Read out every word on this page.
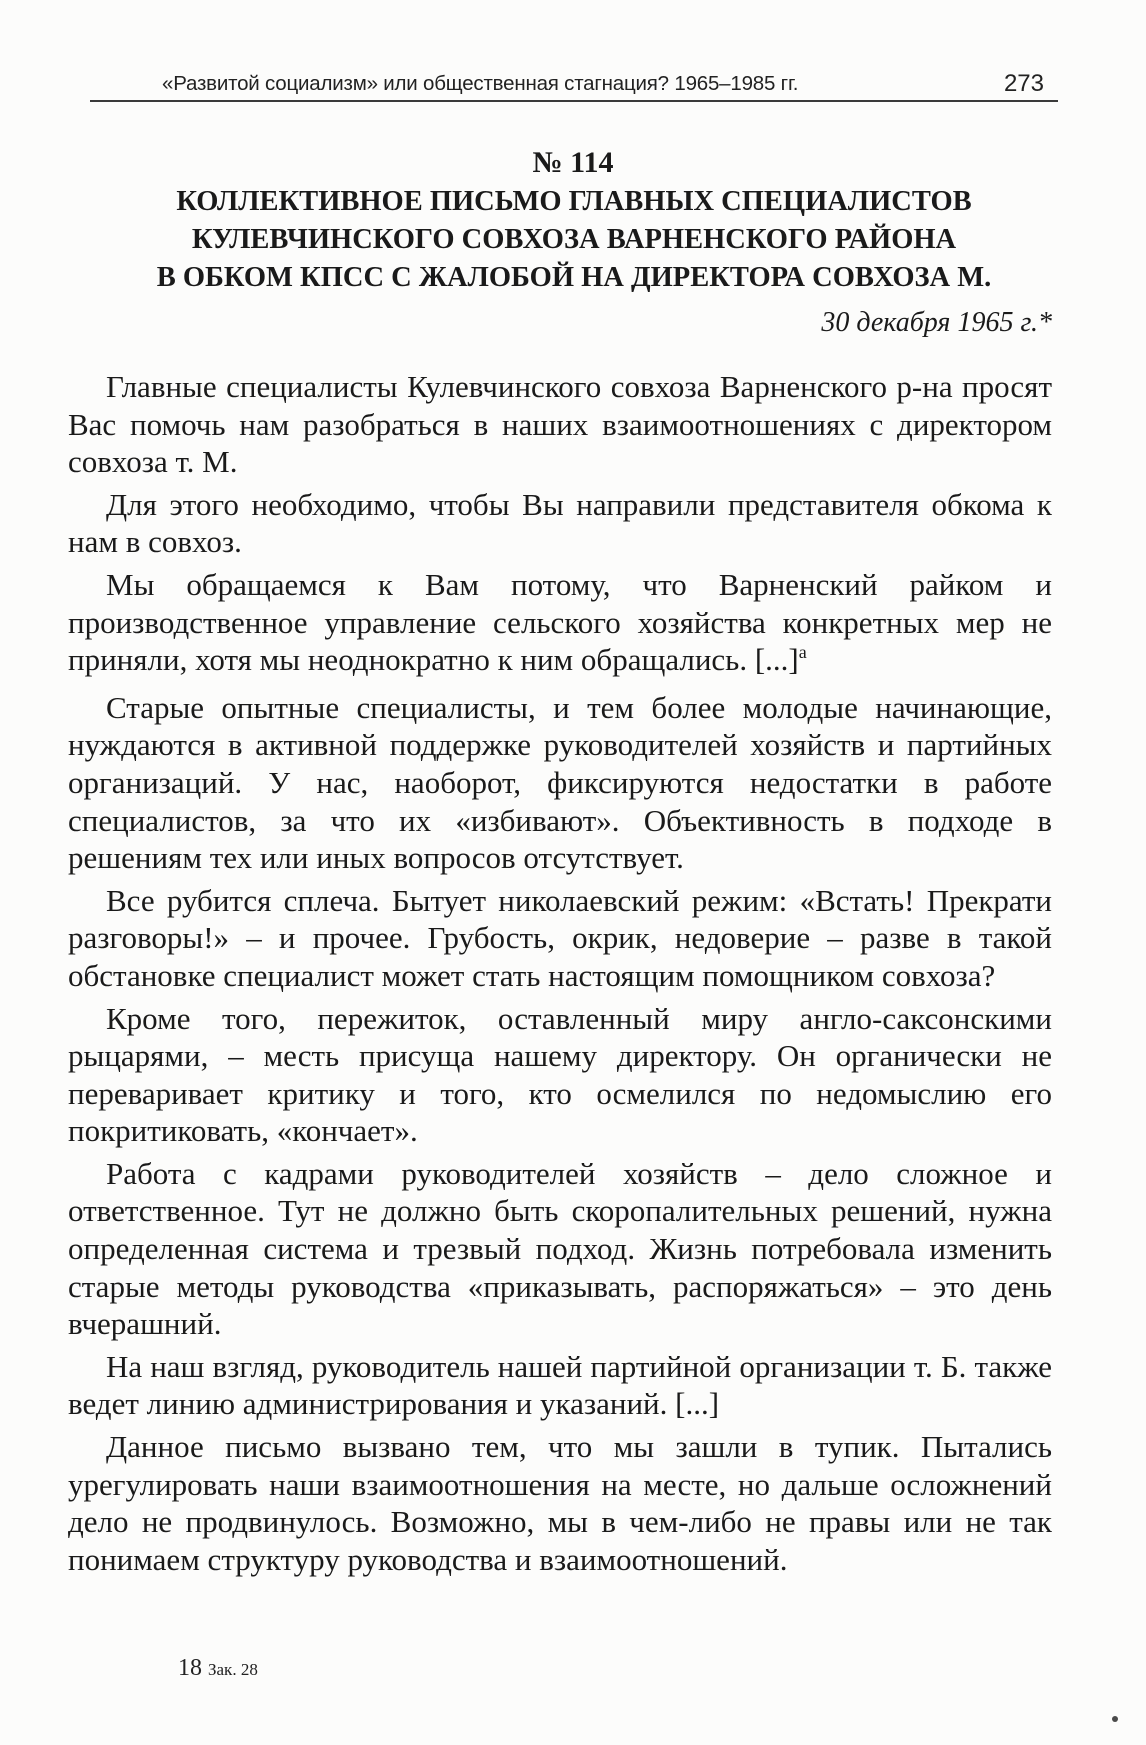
«Развитой социализм» или общественная стагнация? 1965–1985 гг.	273
№ 114
КОЛЛЕКТИВНОЕ ПИСЬМО ГЛАВНЫХ СПЕЦИАЛИСТОВ
КУЛЕВЧИНСКОГО СОВХОЗА ВАРНЕНСКОГО РАЙОНА
В ОБКОМ КПСС С ЖАЛОБОЙ НА ДИРЕКТОРА СОВХОЗА М.
30 декабря 1965 г.*

Главные специалисты Кулевчинского совхоза Варненского р-на просят Вас помочь нам разобраться в наших взаимоотношениях с директором совхоза т. М.

Для этого необходимо, чтобы Вы направили представителя обкома к нам в совхоз.

Мы обращаемся к Вам потому, что Варненский райком и производственное управление сельского хозяйства конкретных мер не приняли, хотя мы неоднократно к ним обращались. [...]$^а$

Старые опытные специалисты, и тем более молодые начинающие, нуждаются в активной поддержке руководителей хозяйств и партийных организаций. У нас, наоборот, фиксируются недостатки в работе специалистов, за что их «избивают». Объективность в подходе в решениям тех или иных вопросов отсутствует.

Все рубится сплеча. Бытует николаевский режим: «Встать! Прекрати разговоры!» – и прочее. Грубость, окрик, недоверие – разве в такой обстановке специалист может стать настоящим помощником совхоза?

Кроме того, пережиток, оставленный миру англо-саксонскими рыцарями, – месть присуща нашему директору. Он органически не переваривает критику и того, кто осмелился по недомыслию его покритиковать, «кончает».

Работа с кадрами руководителей хозяйств – дело сложное и ответственное. Тут не должно быть скоропалительных решений, нужна определенная система и трезвый подход. Жизнь потребовала изменить старые методы руководства «приказывать, распоряжаться» – это день вчерашний.

На наш взгляд, руководитель нашей партийной организации т. Б. также ведет линию администрирования и указаний. [...]

Данное письмо вызвано тем, что мы зашли в тупик. Пытались урегулировать наши взаимоотношения на месте, но дальше осложнений дело не продвинулось. Возможно, мы в чем-либо не правы или не так понимаем структуру руководства и взаимоотношений.

18 Зак. 28
